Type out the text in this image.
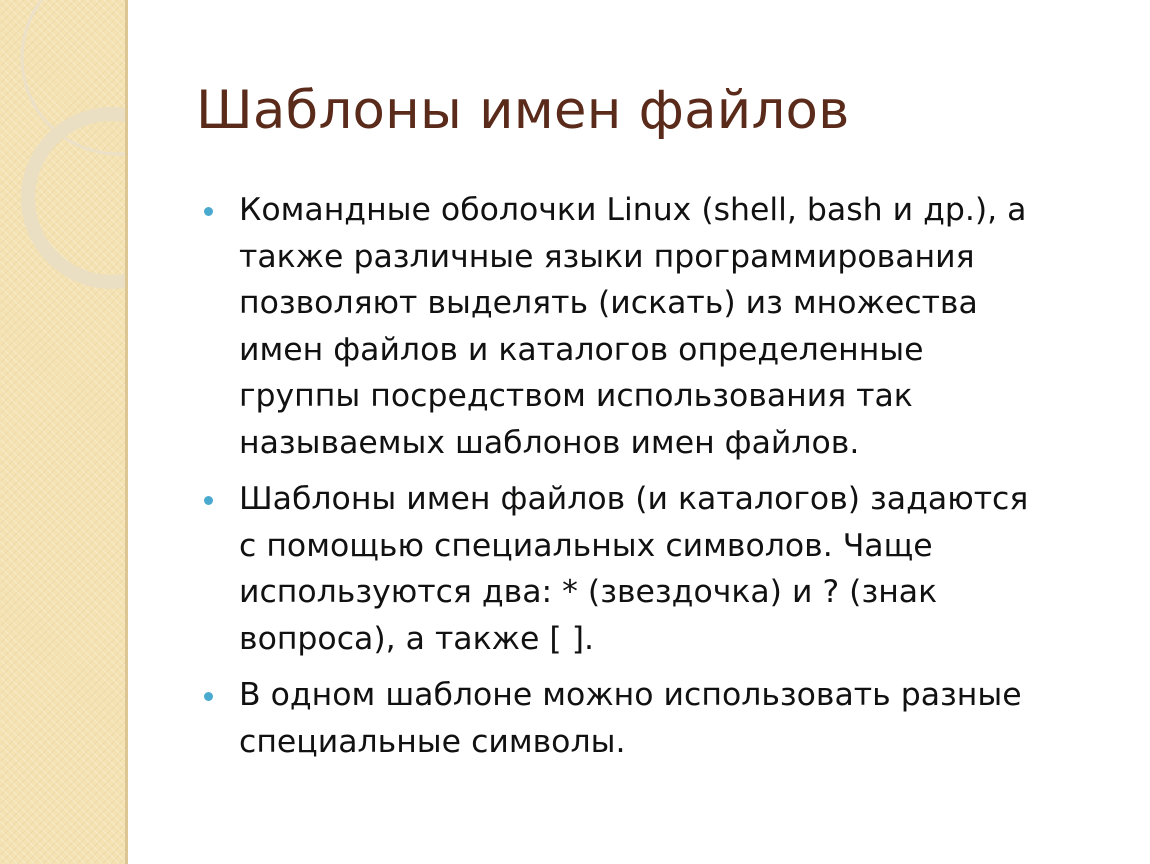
Шаблоны имен файлов
Командные оболочки Linux (shell, bash и др.), а
также различные языки программирования
позволяют выделять (искать) из множества
имен файлов и каталогов определенные
группы посредством использования так
называемых шаблонов имен файлов.
Шаблоны имен файлов (и каталогов) задаются
с помощью специальных символов. Чаще
используются два: * (звездочка) и ? (знак
вопроса), а также [ ].
В одном шаблоне можно использовать разные
специальные символы.
